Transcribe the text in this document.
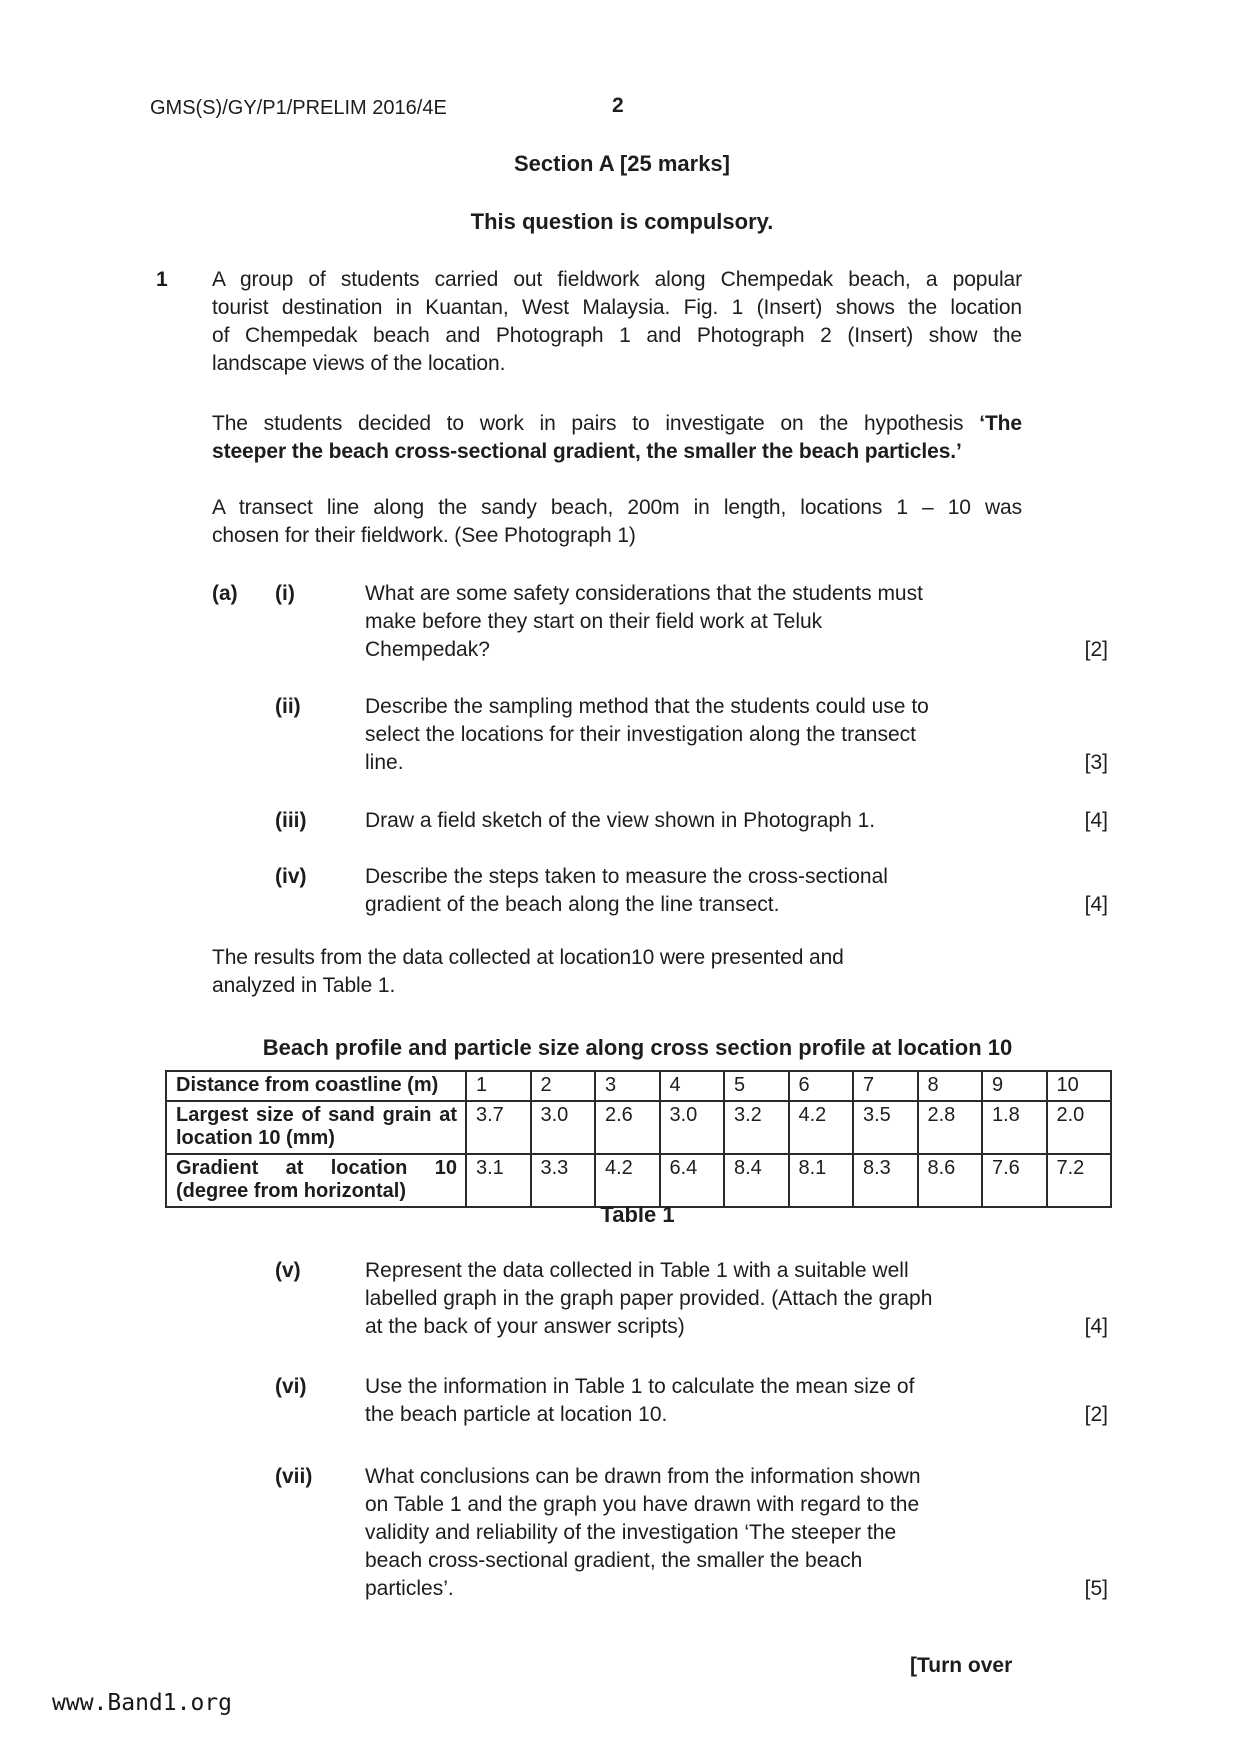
GMS(S)/GY/P1/PRELIM 2016/4E	2
Section A [25 marks]
This question is compulsory.
1 A group of students carried out fieldwork along Chempedak beach, a popular
tourist destination in Kuantan, West Malaysia. Fig. 1 (Insert) shows the location
of Chempedak beach and Photograph 1 and Photograph 2 (Insert) show the
landscape views of the location.
The students decided to work in pairs to investigate on the hypothesis ‘The
steeper the beach cross-sectional gradient, the smaller the beach particles.’
A transect line along the sandy beach, 200m in length, locations 1 – 10 was
chosen for their fieldwork. (See Photograph 1)
(a)	(i)	What are some safety considerations that the students must
make before they start on their field work at Teluk
Chempedak?	[2]
(ii)	Describe the sampling method that the students could use to
select the locations for their investigation along the transect
line.	[3]
(iii)	Draw a field sketch of the view shown in Photograph 1.	[4]
(iv)	Describe the steps taken to measure the cross-sectional
gradient of the beach along the line transect.	[4]
The results from the data collected at location10 were presented and
analyzed in Table 1.
Beach profile and particle size along cross section profile at location 10
Distance from coastline (m)	1	2	3	4	5	6	7	8	9	10
Largest size of sand grain at location 10 (mm)	3.7	3.0	2.6	3.0	3.2	4.2	3.5	2.8	1.8	2.0
Gradient at location 10 (degree from horizontal)	3.1	3.3	4.2	6.4	8.4	8.1	8.3	8.6	7.6	7.2
Table 1
(v)	Represent the data collected in Table 1 with a suitable well
labelled graph in the graph paper provided. (Attach the graph
at the back of your answer scripts)	[4]
(vi)	Use the information in Table 1 to calculate the mean size of
the beach particle at location 10.	[2]
(vii)	What conclusions can be drawn from the information shown
on Table 1 and the graph you have drawn with regard to the
validity and reliability of the investigation ‘The steeper the
beach cross-sectional gradient, the smaller the beach
particles’.	[5]
[Turn over
www.Band1.org
